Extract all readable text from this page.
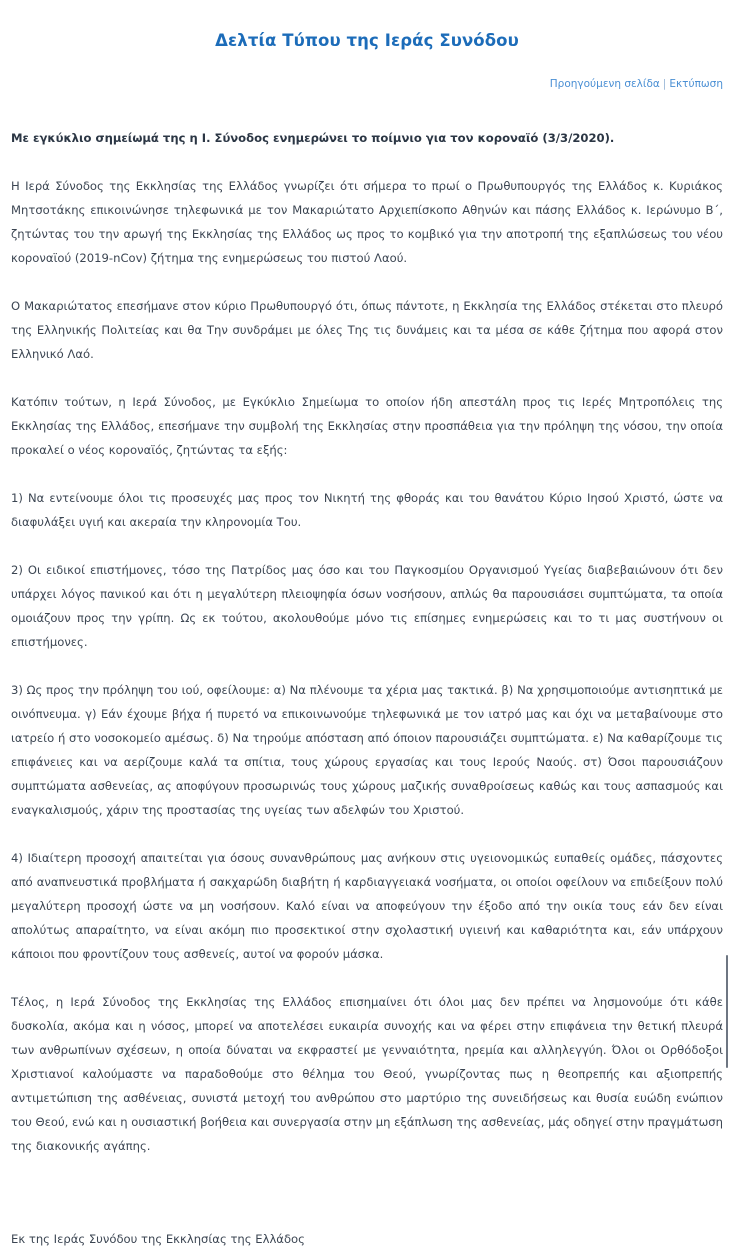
Δελτία Τύπου της Ιεράς Συνόδου
Προηγούμενη σελίδα | Εκτύπωση

Με εγκύκλιο σημείωμά της η Ι. Σύνοδος ενημερώνει το ποίμνιο για τον κοροναϊό (3/3/2020).

Η Ιερά Σύνοδος της Εκκλησίας της Ελλάδος γνωρίζει ότι σήμερα το πρωί ο Πρωθυπουργός της Ελλάδος κ. Κυριάκος Μητσοτάκης επικοινώνησε τηλεφωνικά με τον Μακαριώτατο Αρχιεπίσκοπο Αθηνών και πάσης Ελλάδος κ. Ιερώνυμο Β΄, ζητώντας του την αρωγή της Εκκλησίας της Ελλάδος ως προς το κομβικό για την αποτροπή της εξαπλώσεως του νέου κοροναϊού (2019-nCov) ζήτημα της ενημερώσεως του πιστού Λαού.

Ο Μακαριώτατος επεσήμανε στον κύριο Πρωθυπουργό ότι, όπως πάντοτε, η Εκκλησία της Ελλάδος στέκεται στο πλευρό της Ελληνικής Πολιτείας και θα Την συνδράμει με όλες Της τις δυνάμεις και τα μέσα σε κάθε ζήτημα που αφορά στον Ελληνικό Λαό.

Κατόπιν τούτων, η Ιερά Σύνοδος, με Εγκύκλιο Σημείωμα το οποίον ήδη απεστάλη προς τις Ιερές Μητροπόλεις της Εκκλησίας της Ελλάδος, επεσήμανε την συμβολή της Εκκλησίας στην προσπάθεια για την πρόληψη της νόσου, την οποία προκαλεί ο νέος κοροναϊός, ζητώντας τα εξής:

1) Να εντείνουμε όλοι τις προσευχές μας προς τον Νικητή της φθοράς και του θανάτου Κύριο Ιησού Χριστό, ώστε να διαφυλάξει υγιή και ακεραία την κληρονομία Του.

2) Οι ειδικοί επιστήμονες, τόσο της Πατρίδος μας όσο και του Παγκοσμίου Οργανισμού Υγείας διαβεβαιώνουν ότι δεν υπάρχει λόγος πανικού και ότι η μεγαλύτερη πλειοψηφία όσων νοσήσουν, απλώς θα παρουσιάσει συμπτώματα, τα οποία ομοιάζουν προς την γρίπη. Ως εκ τούτου, ακολουθούμε μόνο τις επίσημες ενημερώσεις και το τι μας συστήνουν οι επιστήμονες.

3) Ως προς την πρόληψη του ιού, οφείλουμε: α) Να πλένουμε τα χέρια μας τακτικά. β) Να χρησιμοποιούμε αντισηπτικά με οινόπνευμα. γ) Εάν έχουμε βήχα ή πυρετό να επικοινωνούμε τηλεφωνικά με τον ιατρό μας και όχι να μεταβαίνουμε στο ιατρείο ή στο νοσοκομείο αμέσως. δ) Να τηρούμε απόσταση από όποιον παρουσιάζει συμπτώματα. ε) Να καθαρίζουμε τις επιφάνειες και να αερίζουμε καλά τα σπίτια, τους χώρους εργασίας και τους Ιερούς Ναούς. στ) Όσοι παρουσιάζουν συμπτώματα ασθενείας, ας αποφύγουν προσωρινώς τους χώρους μαζικής συναθροίσεως καθώς και τους ασπασμούς και εναγκαλισμούς, χάριν της προστασίας της υγείας των αδελφών του Χριστού.

4) Ιδιαίτερη προσοχή απαιτείται για όσους συνανθρώπους μας ανήκουν στις υγειονομικώς ευπαθείς ομάδες, πάσχοντες από αναπνευστικά προβλήματα ή σακχαρώδη διαβήτη ή καρδιαγγειακά νοσήματα, οι οποίοι οφείλουν να επιδείξουν πολύ μεγαλύτερη προσοχή ώστε να μη νοσήσουν. Καλό είναι να αποφεύγουν την έξοδο από την οικία τους εάν δεν είναι απολύτως απαραίτητο, να είναι ακόμη πιο προσεκτικοί στην σχολαστική υγιεινή και καθαριότητα και, εάν υπάρχουν κάποιοι που φροντίζουν τους ασθενείς, αυτοί να φορούν μάσκα.

Τέλος, η Ιερά Σύνοδος της Εκκλησίας της Ελλάδος επισημαίνει ότι όλοι μας δεν πρέπει να λησμονούμε ότι κάθε δυσκολία, ακόμα και η νόσος, μπορεί να αποτελέσει ευκαιρία συνοχής και να φέρει στην επιφάνεια την θετική πλευρά των ανθρωπίνων σχέσεων, η οποία δύναται να εκφραστεί με γενναιότητα, ηρεμία και αλληλεγγύη. Όλοι οι Ορθόδοξοι Χριστιανοί καλούμαστε να παραδοθούμε στο θέλημα του Θεού, γνωρίζοντας πως η θεοπρεπής και αξιοπρεπής αντιμετώπιση της ασθένειας, συνιστά μετοχή του ανθρώπου στο μαρτύριο της συνειδήσεως και θυσία ευώδη ενώπιον του Θεού, ενώ και η ουσιαστική βοήθεια και συνεργασία στην μη εξάπλωση της ασθενείας, μάς οδηγεί στην πραγμάτωση της διακονικής αγάπης.

Εκ της Ιεράς Συνόδου της Εκκλησίας της Ελλάδος
